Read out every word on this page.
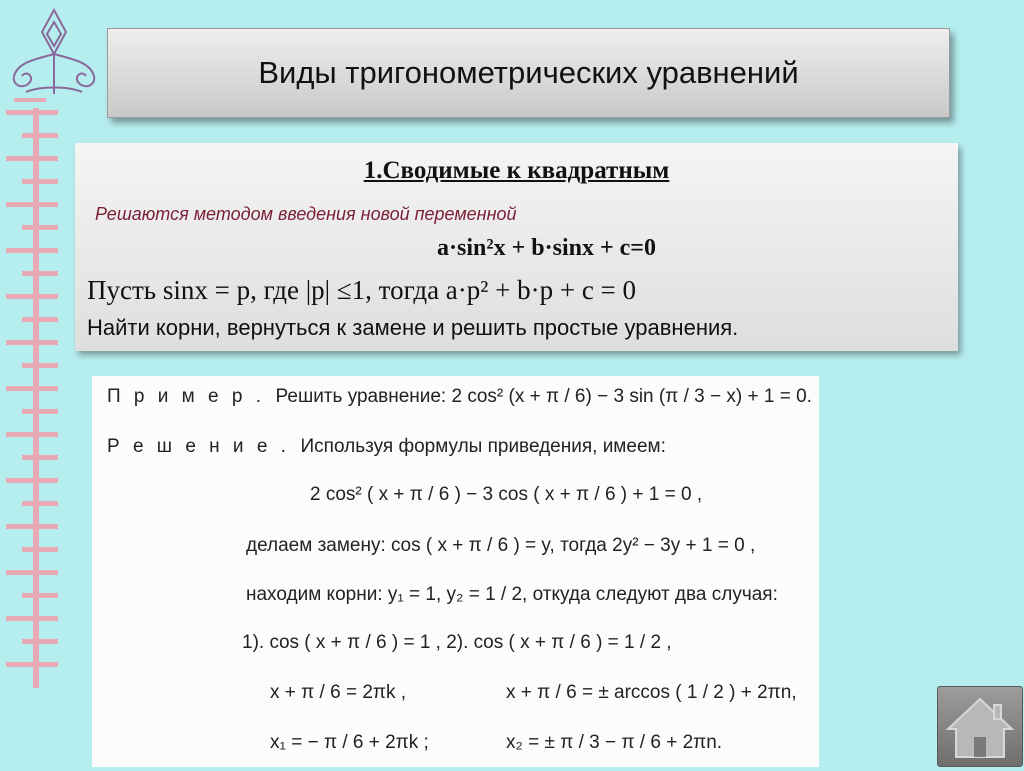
Виды тригонометрических уравнений
1.Сводимые к квадратным
Решаются методом введения новой переменной
a·sin²x + b·sinx + c=0
Пусть sinx = p, где |p| ≤1, тогда a·p² + b·p + c = 0
Найти корни, вернуться к замене и решить простые уравнения.
П р и м е р . Решить уравнение: 2 cos² (x + π / 6) − 3 sin (π / 3 − x) + 1 = 0.
Р е ш е н и е . Используя формулы приведения, имеем:
2 cos² ( x + π / 6 ) − 3 cos ( x + π / 6 ) + 1 = 0 ,
делаем замену: cos ( x + π / 6 ) = y, тогда 2y² − 3y + 1 = 0 ,
находим корни: y₁ = 1, y₂ = 1 / 2, откуда следуют два случая:
1). cos ( x + π / 6 ) = 1 , 2). cos ( x + π / 6 ) = 1 / 2 ,
x + π / 6 = 2πk ,	x + π / 6 = ± arccos ( 1 / 2 ) + 2πn,
x₁ = − π / 6 + 2πk ;	x₂ = ± π / 3 − π / 6 + 2πn.
